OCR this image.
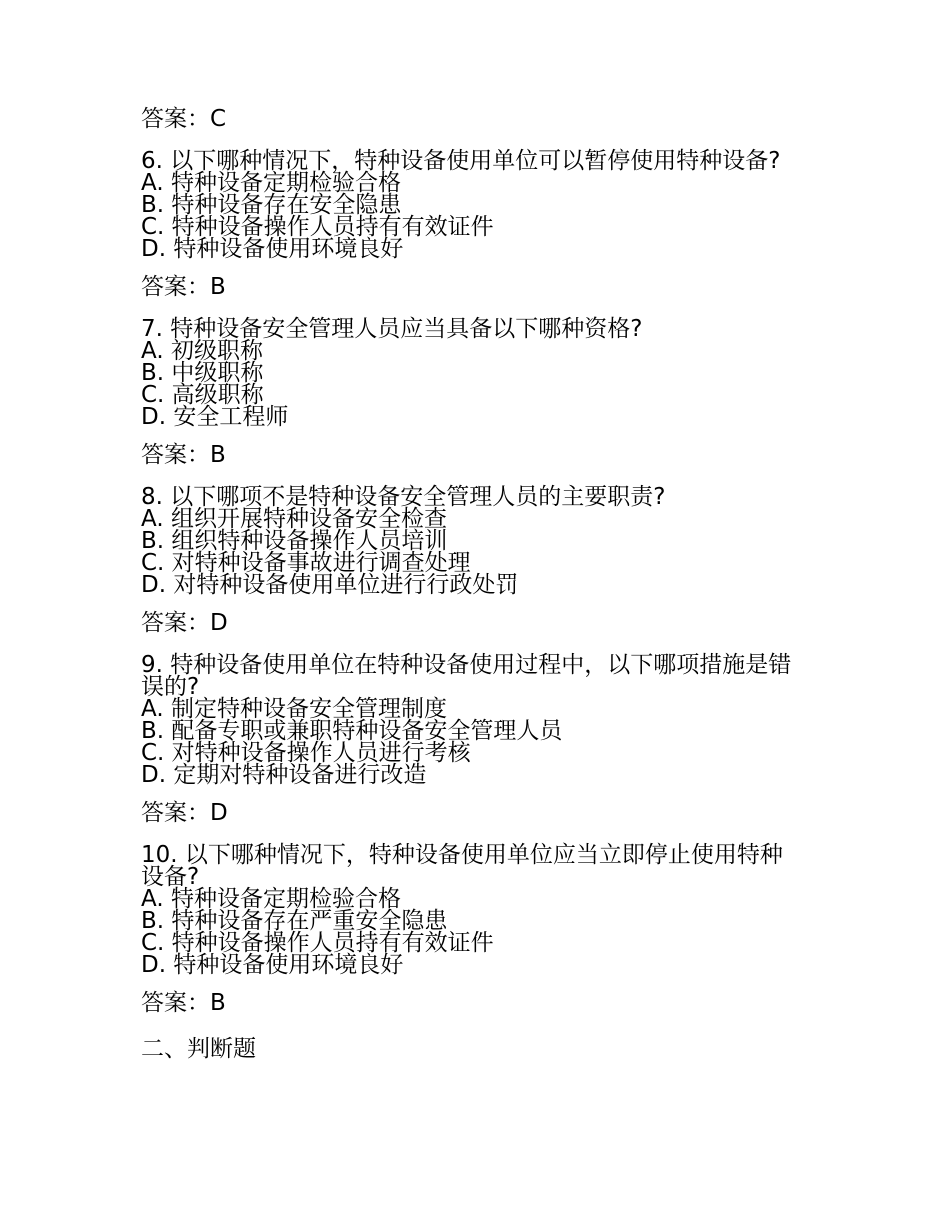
答案：C

6. 以下哪种情况下，特种设备使用单位可以暂停使用特种设备?

A. 特种设备定期检验合格

B. 特种设备存在安全隐患

C. 特种设备操作人员持有有效证件

D. 特种设备使用环境良好

答案：B

7. 特种设备安全管理人员应当具备以下哪种资格?

A. 初级职称

B. 中级职称

C. 高级职称

D. 安全工程师

答案：B

8. 以下哪项不是特种设备安全管理人员的主要职责?

A. 组织开展特种设备安全检查

B. 组织特种设备操作人员培训

C. 对特种设备事故进行调查处理

D. 对特种设备使用单位进行行政处罚

答案：D

9. 特种设备使用单位在特种设备使用过程中，以下哪项措施是错误的?

A. 制定特种设备安全管理制度

B. 配备专职或兼职特种设备安全管理人员

C. 对特种设备操作人员进行考核

D. 定期对特种设备进行改造

答案：D

10. 以下哪种情况下，特种设备使用单位应当立即停止使用特种设备?

A. 特种设备定期检验合格

B. 特种设备存在严重安全隐患

C. 特种设备操作人员持有有效证件

D. 特种设备使用环境良好

答案：B

二、判断题
